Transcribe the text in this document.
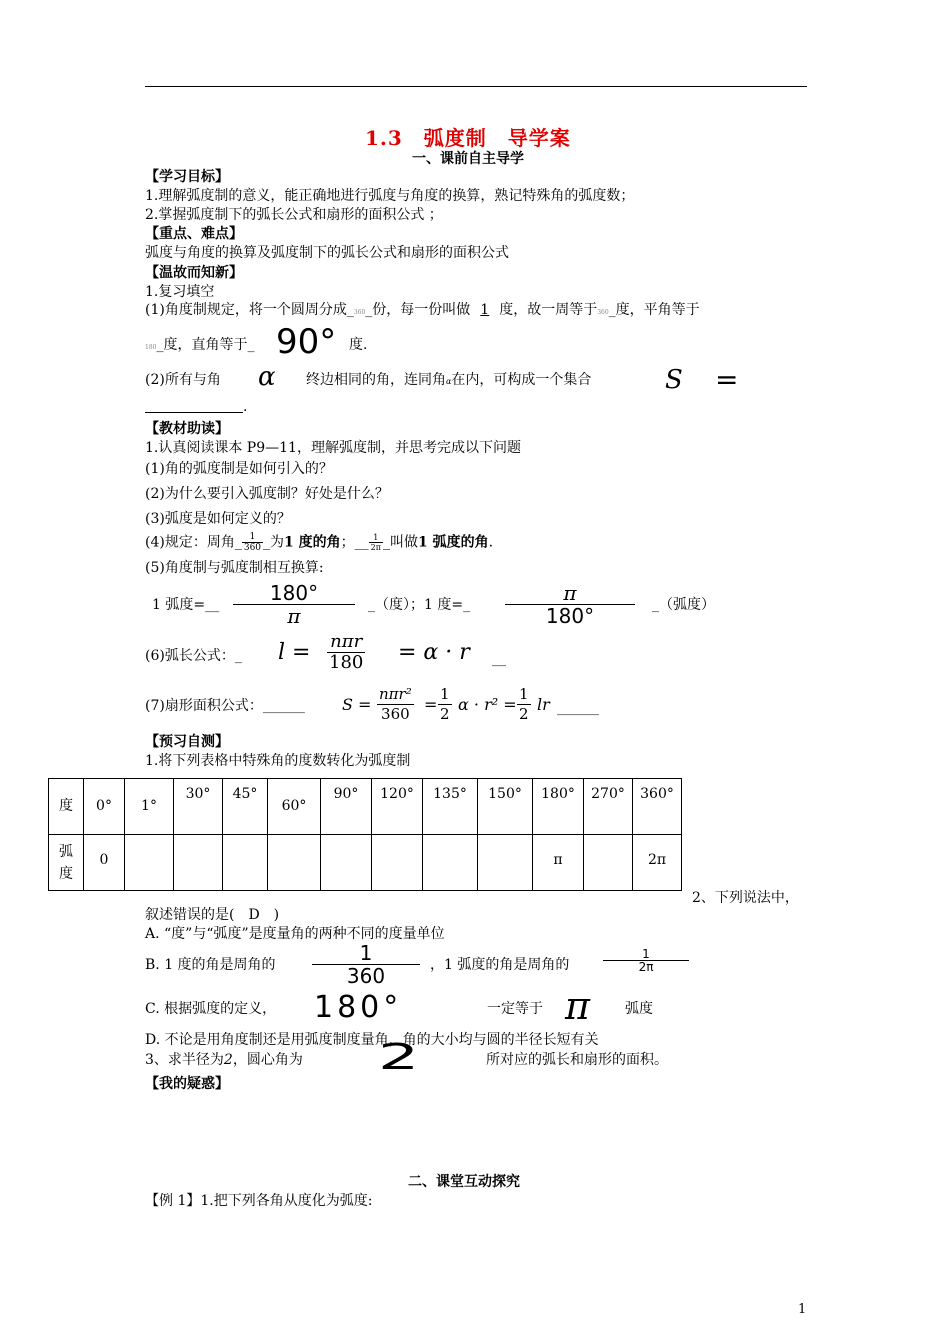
1.3　弧度制　导学案
一、课前自主导学
【学习目标】
1.理解弧度制的意义，能正确地进行弧度与角度的换算，熟记特殊角的弧度数；
2.掌握弧度制下的弧长公式和扇形的面积公式 ；
【重点、难点】
弧度与角度的换算及弧度制下的弧长公式和扇形的面积公式
【温故而知新】
1.复习填空
(1)角度制规定，将一个圆周分成_360_份，每一份叫做 1 度，故一周等于360_度，平角等于
180_度，直角等于_ 90° 度.
(2)所有与角 α 终边相同的角，连同角α在内，可构成一个集合	S =
　　　　　　　.
【教材助读】
1.认真阅读课本 P9—11，理解弧度制，并思考完成以下问题
(1)角的弧度制是如何引入的？
(2)为什么要引入弧度制？好处是什么？
(3)弧度是如何定义的？
(4)规定：周角_ $\frac{1}{360}$ _为1 度的角；__ $\frac{1}{2\pi}$ _叫做1 弧度的角.
(5)角度制与弧度制相互换算:
1 弧度=__ $\frac{180^\circ}{\pi}$ _（度）；1 度=_ $\frac{\pi}{180^\circ}$ _（弧度）
(6)弧长公式：_ l = nπr
180 = α · r __
(7)扇形面积公式：______ S =
nπr²
$360 = \frac{1}{2}$ $\alpha \cdot r^2 = \frac{1}{2}$ lr ______
【预习自测】
1.将下列表格中特殊角的度数转化为弧度制
度	0°	1°	30°	45°	60°	90°	120°	135°	150°	180°	270°	360°
弧
度	0									π		2π
2、下列说法中，
叙述错误的是(　D　)
A. “度”与“弧度”是度量角的两种不同的度量单位
B. 1 度的角是周角的 $\frac{1}{360}$ ，1 弧度的角是周角的	$\frac{1}{2\pi}$
C. 根据弧度的定义， 180°	一定等于 π	弧度
D. 不论是用角度制还是用弧度制度量角，角的大小均与圆的半径长短有关
3、求半径为2，圆心角为 2	所对应的弧长和扇形的面积。
【我的疑惑】
二、课堂互动探究
【例 1】1.把下列各角从度化为弧度:
1
